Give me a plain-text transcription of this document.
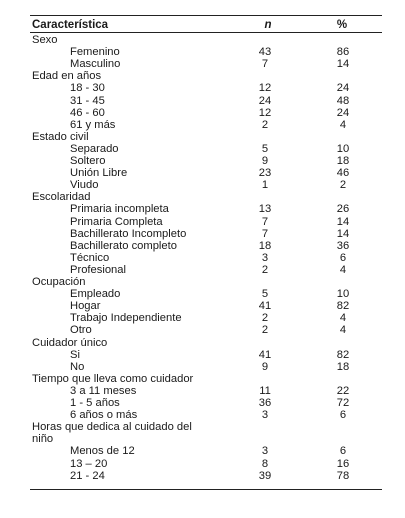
Característica	n	%
Sexo
Femenino	43	86
Masculino	7	14
Edad en años
18 - 30	12	24
31 - 45	24	48
46 - 60	12	24
61 y más	2	4
Estado civil
Separado	5	10
Soltero	9	18
Unión Libre	23	46
Viudo	1	2
Escolaridad
Primaria incompleta	13	26
Primaria Completa	7	14
Bachillerato Incompleto	7	14
Bachillerato completo	18	36
Técnico	3	6
Profesional	2	4
Ocupación
Empleado	5	10
Hogar	41	82
Trabajo Independiente	2	4
Otro	2	4
Cuidador único
Si	41	82
No	9	18
Tiempo que lleva como cuidador
3 a 11 meses	11	22
1 - 5 años	36	72
6 años o más	3	6
Horas que dedica al cuidado del
niño
Menos de 12	3	6
13 – 20	8	16
21 - 24	39	78
